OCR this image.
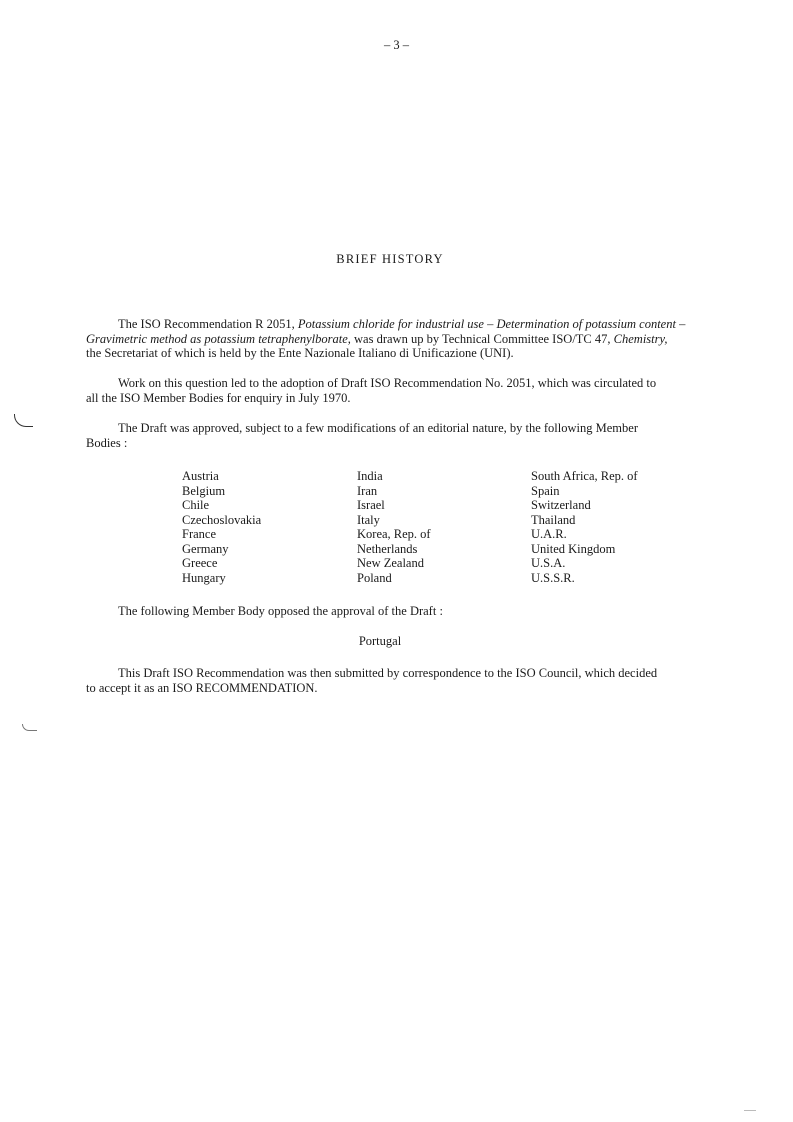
– 3 –
BRIEF HISTORY
The ISO Recommendation R 2051, Potassium chloride for industrial use – Determination of potassium content –
Gravimetric method as potassium tetraphenylborate, was drawn up by Technical Committee ISO/TC 47, Chemistry,
the Secretariat of which is held by the Ente Nazionale Italiano di Unificazione (UNI).
Work on this question led to the adoption of Draft ISO Recommendation No. 2051, which was circulated to
all the ISO Member Bodies for enquiry in July 1970.
The Draft was approved, subject to a few modifications of an editorial nature, by the following Member
Bodies :
Austria
Belgium
Chile
Czechoslovakia
France
Germany
Greece
Hungary
India
Iran
Israel
Italy
Korea, Rep. of
Netherlands
New Zealand
Poland
South Africa, Rep. of
Spain
Switzerland
Thailand
U.A.R.
United Kingdom
U.S.A.
U.S.S.R.
The following Member Body opposed the approval of the Draft :
Portugal
This Draft ISO Recommendation was then submitted by correspondence to the ISO Council, which decided
to accept it as an ISO RECOMMENDATION.
